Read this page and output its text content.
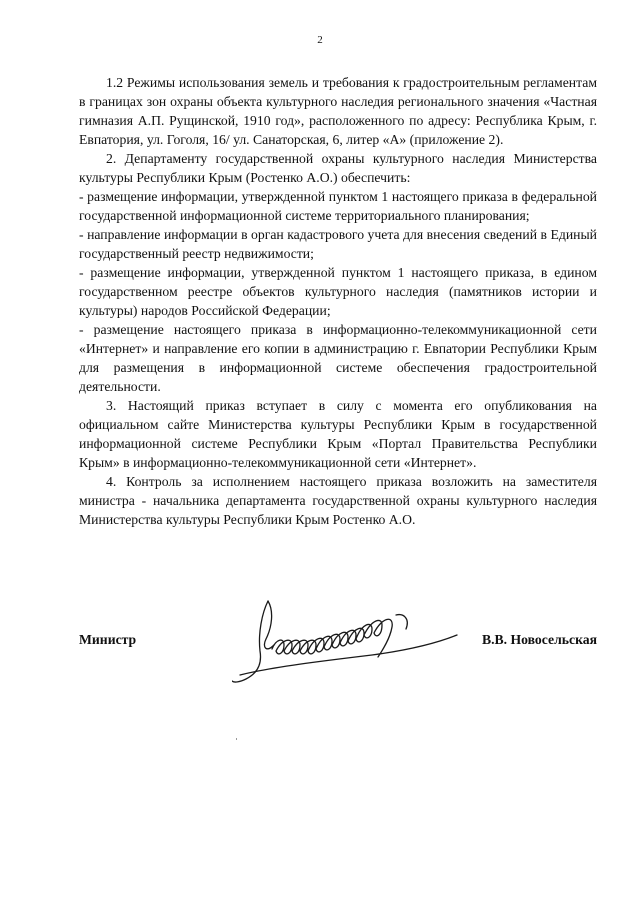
2

1.2 Режимы использования земель и требования к градостроительным регламентам в границах зон охраны объекта культурного наследия регионального значения «Частная гимназия А.П. Рущинской, 1910 год», расположенного по адресу: Республика Крым, г. Евпатория, ул. Гоголя, 16/ ул. Санаторская, 6, литер «А» (приложение 2).

2. Департаменту государственной охраны культурного наследия Министерства культуры Республики Крым (Ростенко А.О.) обеспечить:

- размещение информации, утвержденной пунктом 1 настоящего приказа в федеральной государственной информационной системе территориального планирования;

- направление информации в орган кадастрового учета для внесения сведений в Единый государственный реестр недвижимости;

- размещение информации, утвержденной пунктом 1 настоящего приказа, в едином государственном реестре объектов культурного наследия (памятников истории и культуры) народов Российской Федерации;

- размещение настоящего приказа в информационно-телекоммуникационной сети «Интернет» и направление его копии в администрацию г. Евпатории Республики Крым для размещения в информационной системе обеспечения градостроительной деятельности.

3. Настоящий приказ вступает в силу с момента его опубликования на официальном сайте Министерства культуры Республики Крым в государственной информационной системе Республики Крым «Портал Правительства Республики Крым» в информационно-телекоммуникационной сети «Интернет».

4. Контроль за исполнением настоящего приказа возложить на заместителя министра - начальника департамента государственной охраны культурного наследия Министерства культуры Республики Крым Ростенко А.О.

Министр	В.В. Новосельская
